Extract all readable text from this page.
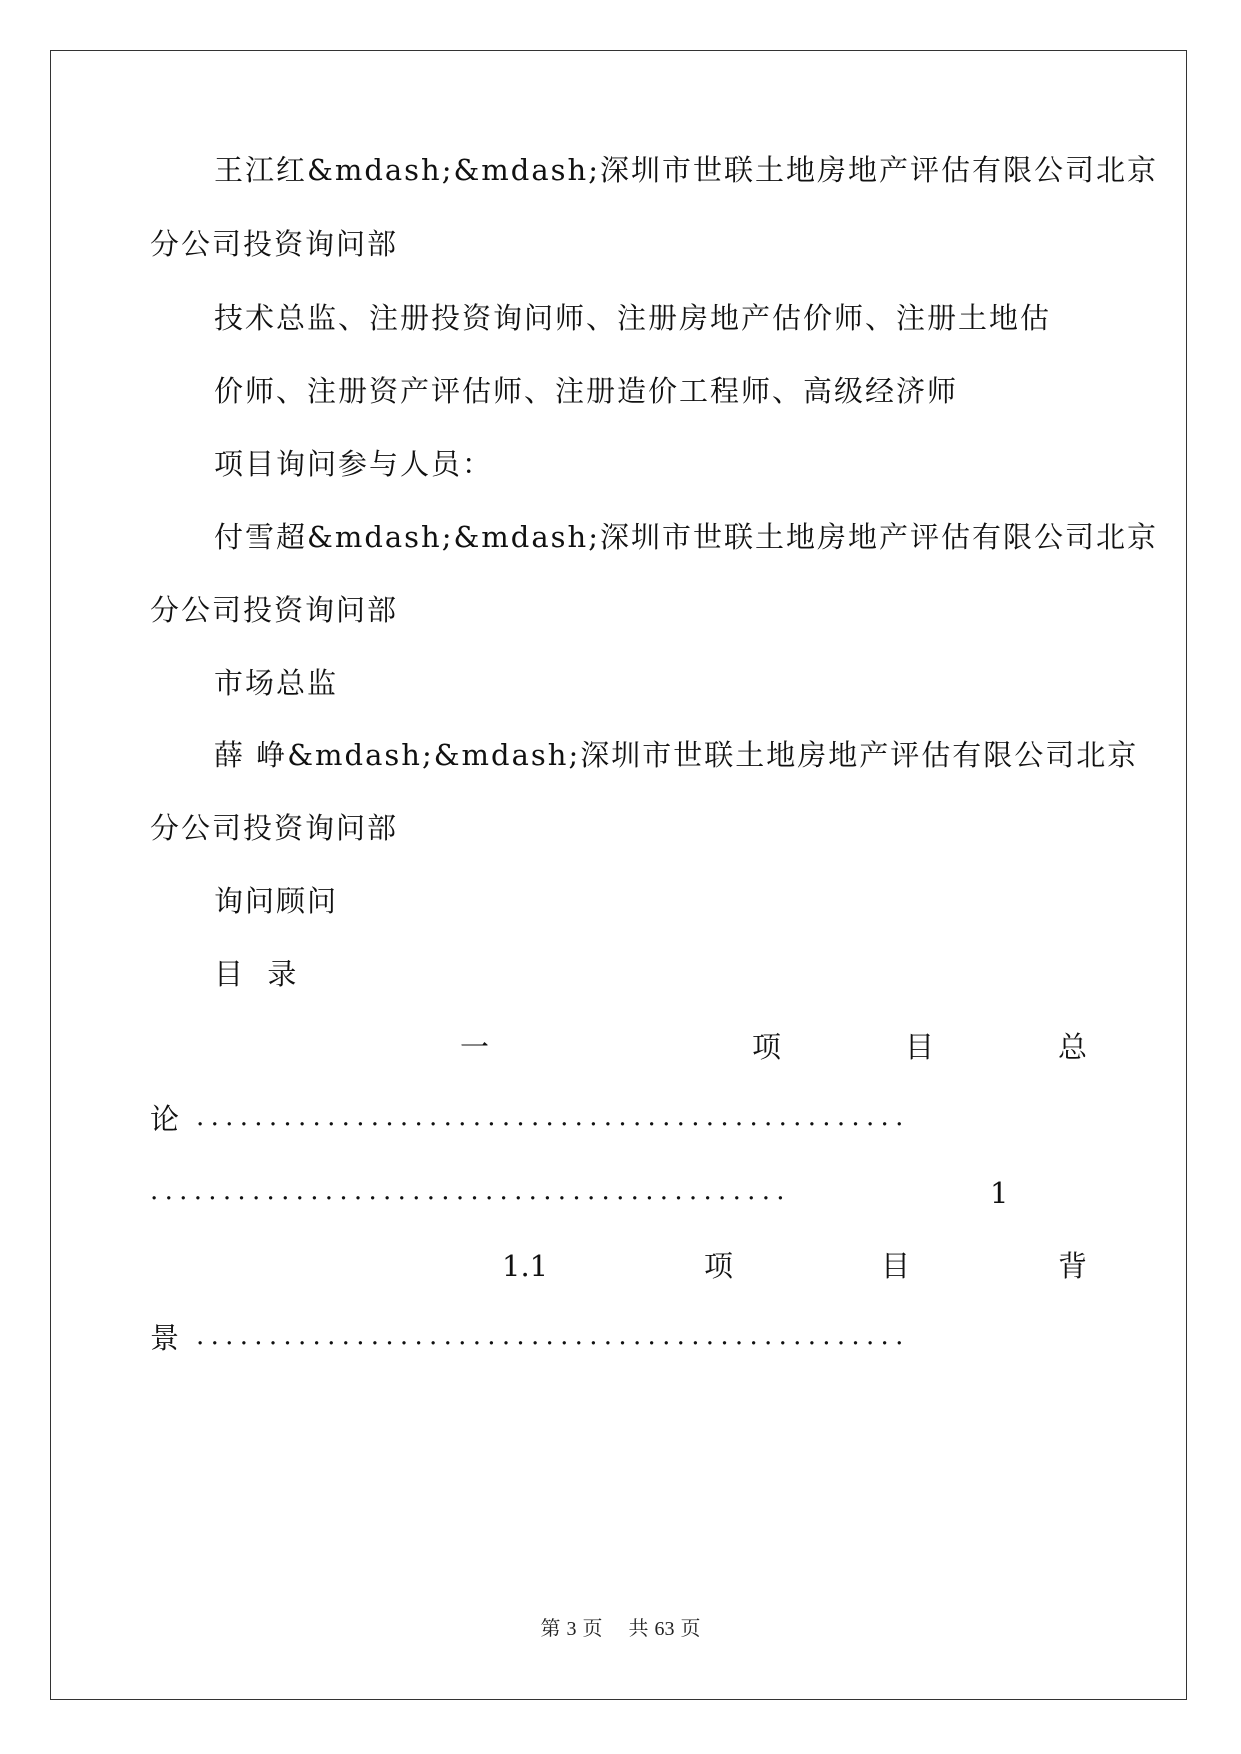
王江红&mdash;&mdash;深圳市世联土地房地产评估有限公司北京
分公司投资询问部
技术总监、注册投资询问师、注册房地产估价师、注册土地估
价师、注册资产评估师、注册造价工程师、高级经济师
项目询问参与人员：
付雪超&mdash;&mdash;深圳市世联土地房地产评估有限公司北京
分公司投资询问部
市场总监
薛 峥&mdash;&mdash;深圳市世联土地房地产评估有限公司北京
分公司投资询问部
询问顾问
目  录
一	项	目	总
论 .................................................
............................................	1
1.1	项	目	背
景 .................................................
第 3 页 共 63 页
